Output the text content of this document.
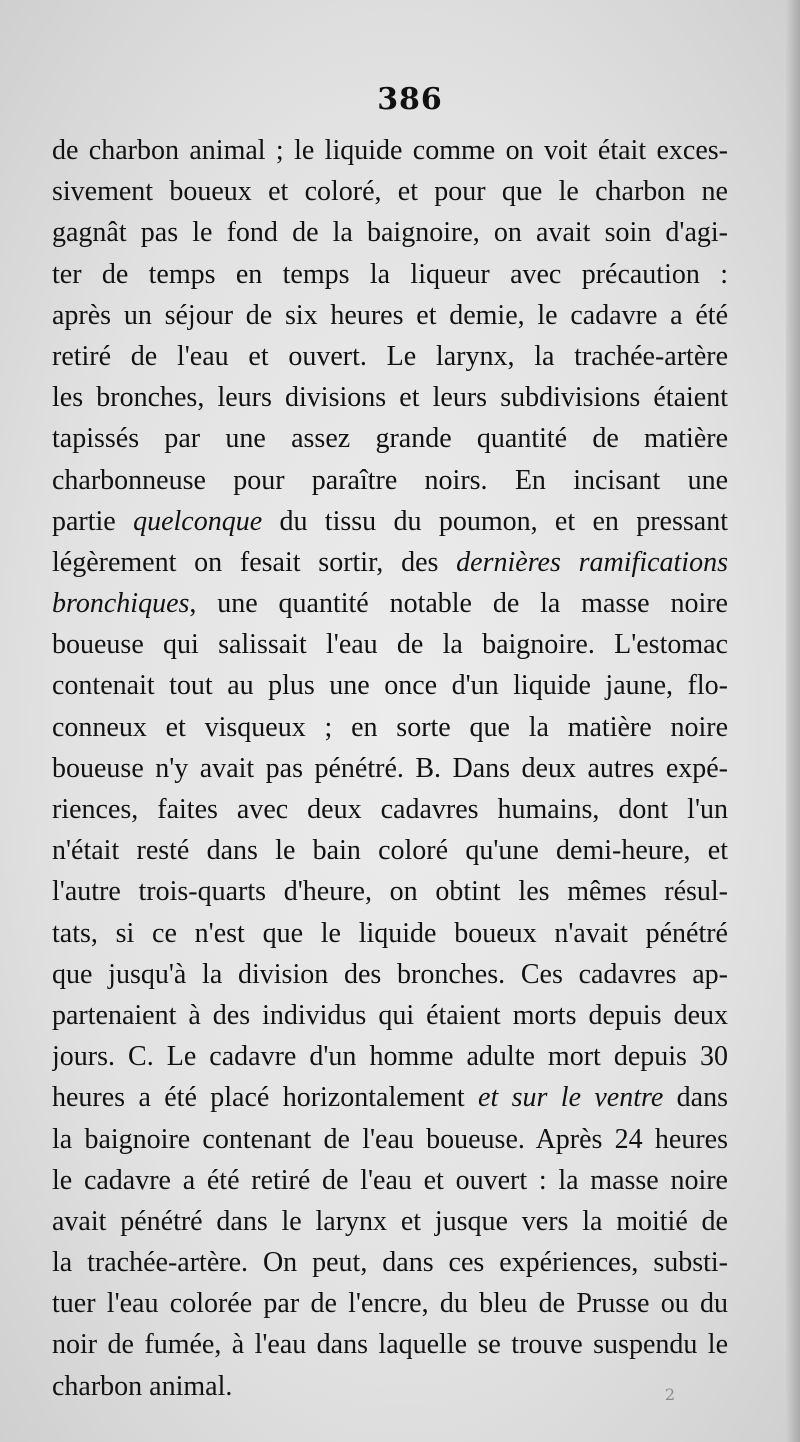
386
de charbon animal ; le liquide comme on voit était exces-
sivement boueux et coloré, et pour que le charbon ne
gagnât pas le fond de la baignoire, on avait soin d'agi-
ter de temps en temps la liqueur avec précaution :
après un séjour de six heures et demie, le cadavre a été
retiré de l'eau et ouvert. Le larynx, la trachée-artère
les bronches, leurs divisions et leurs subdivisions étaient
tapissés par une assez grande quantité de matière
charbonneuse pour paraître noirs. En incisant une
partie quelconque du tissu du poumon, et en pressant
légèrement on fesait sortir, des dernières ramifications
bronchiques, une quantité notable de la masse noire
boueuse qui salissait l'eau de la baignoire. L'estomac
contenait tout au plus une once d'un liquide jaune, flo-
conneux et visqueux ; en sorte que la matière noire
boueuse n'y avait pas pénétré. B. Dans deux autres expé-
riences, faites avec deux cadavres humains, dont l'un
n'était resté dans le bain coloré qu'une demi-heure, et
l'autre trois-quarts d'heure, on obtint les mêmes résul-
tats, si ce n'est que le liquide boueux n'avait pénétré
que jusqu'à la division des bronches. Ces cadavres ap-
partenaient à des individus qui étaient morts depuis deux
jours. C. Le cadavre d'un homme adulte mort depuis 30
heures a été placé horizontalement et sur le ventre dans
la baignoire contenant de l'eau boueuse. Après 24 heures
le cadavre a été retiré de l'eau et ouvert : la masse noire
avait pénétré dans le larynx et jusque vers la moitié de
la trachée-artère. On peut, dans ces expériences, substi-
tuer l'eau colorée par de l'encre, du bleu de Prusse ou du
noir de fumée, à l'eau dans laquelle se trouve suspendu le
charbon animal.	2
